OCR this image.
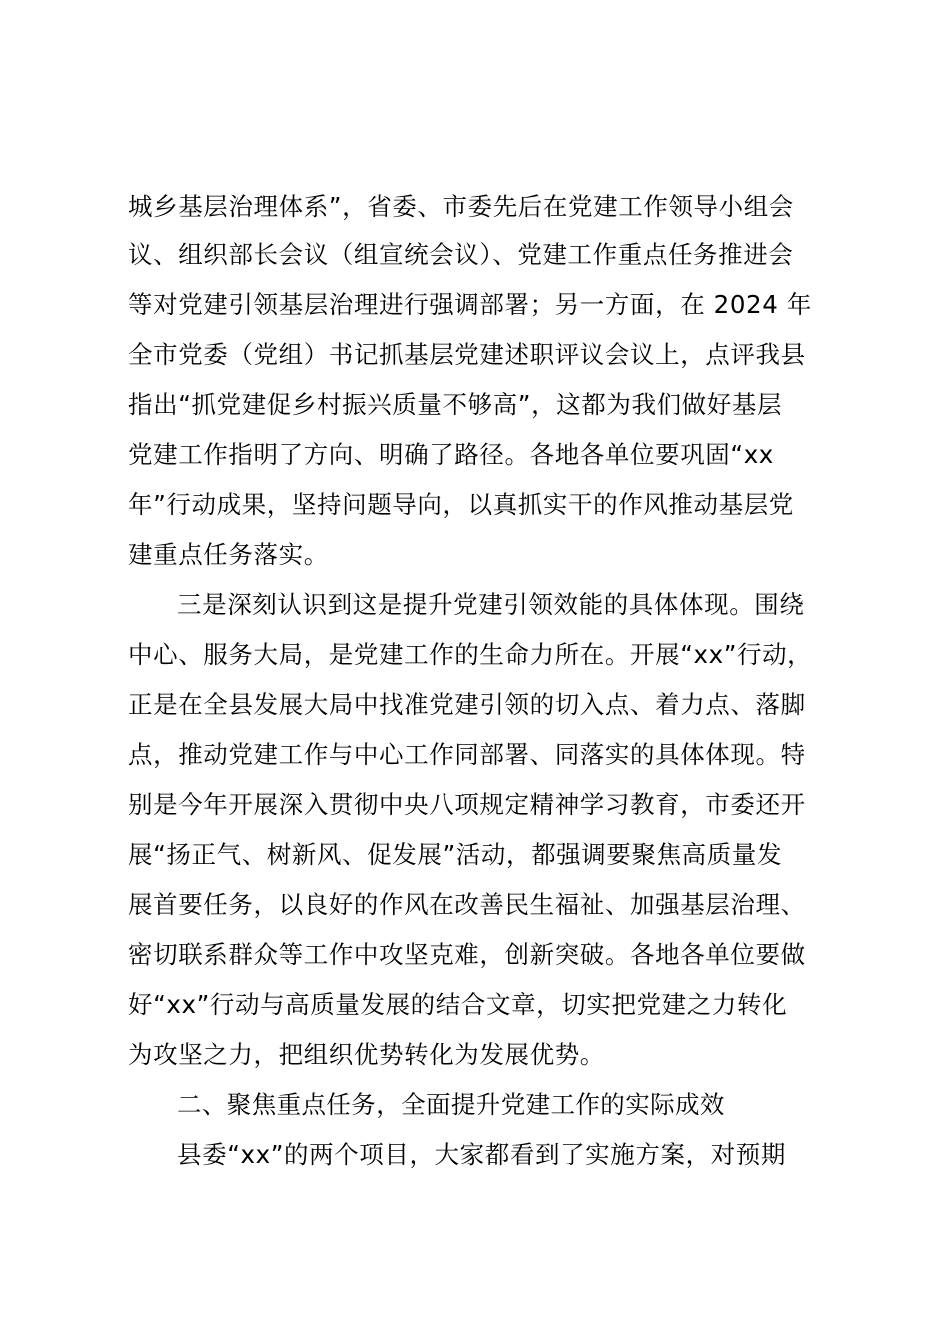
城乡基层治理体系”，省委、市委先后在党建工作领导小组会
议、组织部长会议（组宣统会议）、党建工作重点任务推进会
等对党建引领基层治理进行强调部署；另一方面，在 2024 年
全市党委（党组）书记抓基层党建述职评议会议上，点评我县
指出“抓党建促乡村振兴质量不够高”，这都为我们做好基层
党建工作指明了方向、明确了路径。各地各单位要巩固“xx
年”行动成果，坚持问题导向，以真抓实干的作风推动基层党
建重点任务落实。
三是深刻认识到这是提升党建引领效能的具体体现。围绕
中心、服务大局，是党建工作的生命力所在。开展“xx”行动，
正是在全县发展大局中找准党建引领的切入点、着力点、落脚
点，推动党建工作与中心工作同部署、同落实的具体体现。特
别是今年开展深入贯彻中央八项规定精神学习教育，市委还开
展“扬正气、树新风、促发展”活动，都强调要聚焦高质量发
展首要任务，以良好的作风在改善民生福祉、加强基层治理、
密切联系群众等工作中攻坚克难，创新突破。各地各单位要做
好“xx”行动与高质量发展的结合文章，切实把党建之力转化
为攻坚之力，把组织优势转化为发展优势。
二、聚焦重点任务，全面提升党建工作的实际成效
县委“xx”的两个项目，大家都看到了实施方案，对预期
